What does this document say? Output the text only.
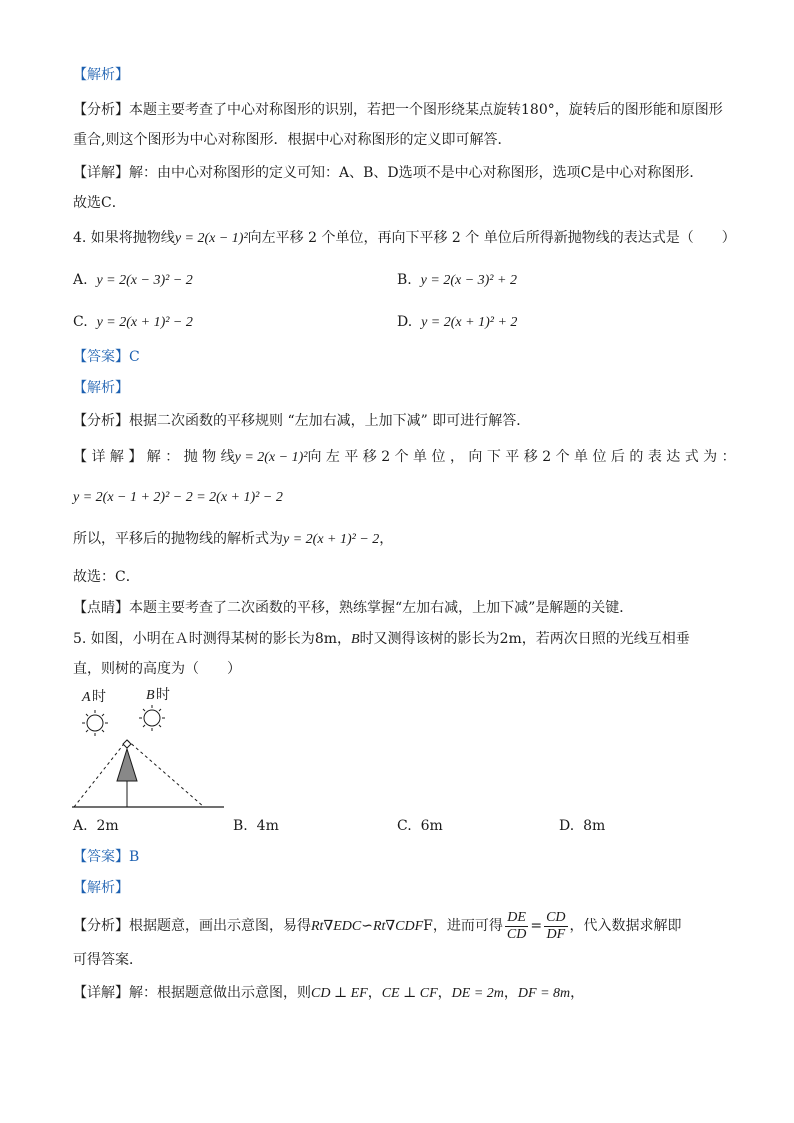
【解析】
【分析】本题主要考查了中心对称图形的识别，若把一个图形绕某点旋转180°，旋转后的图形能和原图形
重合,则这个图形为中心对称图形．根据中心对称图形的定义即可解答．
【详解】解：由中心对称图形的定义可知：A、B、D选项不是中心对称图形，选项C是中心对称图形．
故选C．
4. 如果将抛物线y = 2(x − 1)²向左平移 2 个单位，再向下平移 2 个 单位后所得新抛物线的表达式是（　　）
A. y = 2(x − 3)² − 2	B. y = 2(x − 3)² + 2
C. y = 2(x + 1)² − 2	D. y = 2(x + 1)² + 2
【答案】C
【解析】
【分析】根据二次函数的平移规则 “左加右减，上加下减” 即可进行解答．
【 详 解 】 解 ： 抛 物 线y = 2(x − 1)²向 左 平 移 2 个 单 位 ， 向 下 平 移 2 个 单 位 后 的 表 达 式 为 ：
y = 2(x − 1 + 2)² − 2 = 2(x + 1)² − 2
所以，平移后的抛物线的解析式为y = 2(x + 1)² − 2，
故选：C．
【点睛】本题主要考查了二次函数的平移，熟练掌握“左加右减，上加下减”是解题的关键．
5. 如图，小明在Ａ时测得某树的影长为8m，B时又测得该树的影长为2m，若两次日照的光线互相垂
直，则树的高度为（　　）
A 时	B 时
A. 2m	B. 4m	C. 6m	D. 8m
【答案】B
【解析】
【分析】根据题意，画出示意图，易得Rt∇EDC∽Rt∇CDFF，进而可得 $\frac{DE}{CD} = \frac{CD}{DF}$ ，代入数据求解即
可得答案．
【详解】解：根据题意做出示意图，则CD ⊥ EF，CE ⊥ CF，DE = 2m，DF = 8m，
